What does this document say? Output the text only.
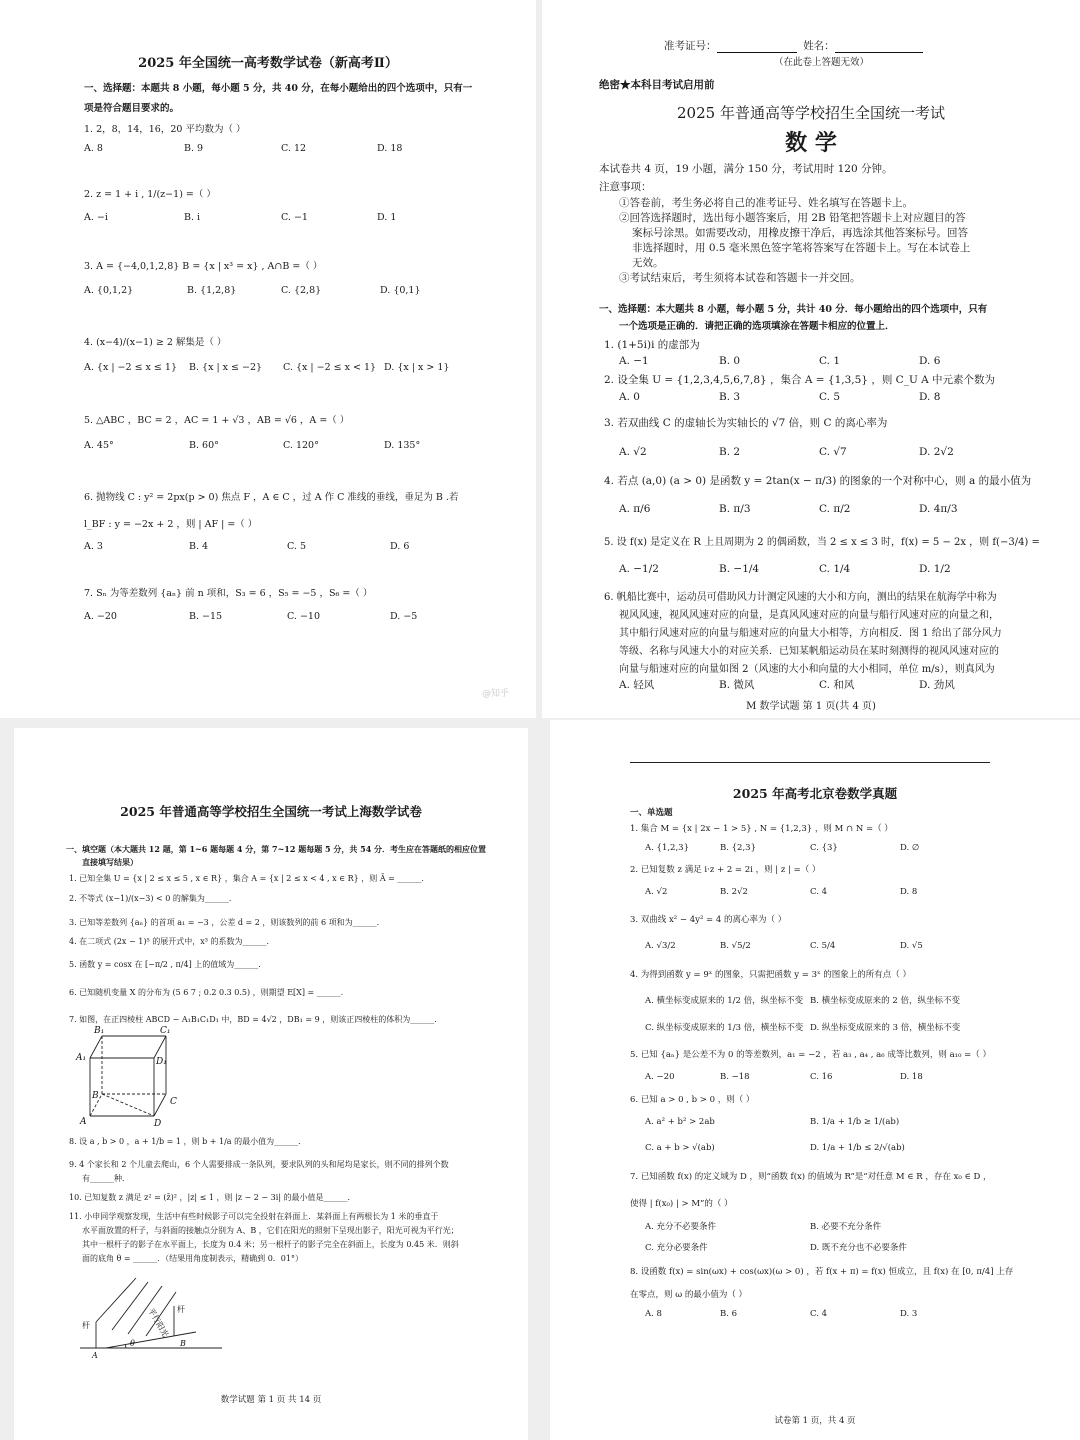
2025 年全国统一高考数学试卷（新高考Ⅱ）
一、选择题：本题共 8 小题，每小题 5 分，共 40 分，在每小题给出的四个选项中，只有一
项是符合题目要求的。
1. 2，8，14，16，20 平均数为（ ）
A. 8	B. 9	C. 12	D. 18
2. z = 1 + i , 1/(z−1) =（ ）
A. −i	B. i	C. −1	D. 1
3. A = {−4,0,1,2,8} B = {x | x³ = x} , A∩B =（ ）
A. {0,1,2}	B. {1,2,8}	C. {2,8}	D. {0,1}
4. (x−4)/(x−1) ≥ 2 解集是（ ）
A. {x | −2 ≤ x ≤ 1} B. {x | x ≤ −2} C. {x | −2 ≤ x < 1} D. {x | x > 1}
5. △ABC ，BC = 2 ，AC = 1 + √3 ，AB = √6 ，A =（ ）
A. 45°	B. 60°	C. 120°	D. 135°
6. 抛物线 C : y² = 2px(p > 0) 焦点 F ，A ∈ C ，过 A 作 C 准线的垂线，垂足为 B .若
l_BF : y = −2x + 2 ，则 | AF | =（ ）
A. 3	B. 4	C. 5	D. 6
7. Sₙ 为等差数列 {aₙ} 前 n 项和，S₃ = 6 ，S₅ = −5 ，S₆ =（ ）
A. −20	B. −15	C. −10	D. −5
@知乎
准考证号：	姓名：
（在此卷上答题无效）
绝密★本科目考试启用前
2025 年普通高等学校招生全国统一考试
数 学
本试卷共 4 页，19 小题，满分 150 分，考试用时 120 分钟。
注意事项：
①答卷前，考生务必将自己的准考证号、姓名填写在答题卡上。
②回答选择题时，选出每小题答案后，用 2B 铅笔把答题卡上对应题目的答
案标号涂黑。如需要改动，用橡皮擦干净后，再选涂其他答案标号。回答
非选择题时，用 0.5 毫米黑色签字笔将答案写在答题卡上。写在本试卷上
无效。
③考试结束后，考生须将本试卷和答题卡一并交回。
一、选择题：本大题共 8 小题，每小题 5 分，共计 40 分．每小题给出的四个选项中，只有
一个选项是正确的．请把正确的选项填涂在答题卡相应的位置上．
1. (1+5i)i 的虚部为
A. −1	B. 0	C. 1	D. 6
2. 设全集 U = {1,2,3,4,5,6,7,8} ，集合 A = {1,3,5} ，则 C_U A 中元素个数为
A. 0	B. 3	C. 5	D. 8
3. 若双曲线 C 的虚轴长为实轴长的 √7 倍，则 C 的离心率为
A. √2	B. 2	C. √7	D. 2√2
4. 若点 (a,0) (a > 0) 是函数 y = 2tan(x − π/3) 的图象的一个对称中心，则 a 的最小值为
A. π/6	B. π/3	C. π/2	D. 4π/3
5. 设 f(x) 是定义在 R 上且周期为 2 的偶函数，当 2 ≤ x ≤ 3 时，f(x) = 5 − 2x ，则 f(−3/4) =
A. −1/2	B. −1/4	C. 1/4	D. 1/2
6. 帆船比赛中，运动员可借助风力计测定风速的大小和方向，测出的结果在航海学中称为
视风风速，视风风速对应的向量，是真风风速对应的向量与船行风速对应的向量之和，
其中船行风速对应的向量与船速对应的向量大小相等，方向相反．图 1 给出了部分风力
等级、名称与风速大小的对应关系．已知某帆船运动员在某时刻测得的视风风速对应的
向量与船速对应的向量如图 2（风速的大小和向量的大小相同，单位 m/s），则真风为
A. 轻风	B. 微风	C. 和风	D. 劲风
M 数学试题 第 1 页(共 4 页)
2025 年普通高等学校招生全国统一考试上海数学试卷
一、填空题（本大题共 12 题，第 1~6 题每题 4 分，第 7~12 题每题 5 分，共 54 分．考生应在答题纸的相应位置
直接填写结果）
1. 已知全集 U = {x | 2 ≤ x ≤ 5 , x ∈ R} ，集合 A = {x | 2 ≤ x < 4 , x ∈ R} ，则 Ā = ______．
2. 不等式 (x−1)/(x−3) < 0 的解集为______．
3. 已知等差数列 {aₙ} 的首项 a₁ = −3 ，公差 d = 2 ，则该数列的前 6 项和为______．
4. 在二项式 (2x − 1)⁵ 的展开式中，x³ 的系数为______．
5. 函数 y = cosx 在 [−π/2 , π/4] 上的值域为______．
6. 已知随机变量 X 的分布为 (5 6 7 ; 0.2 0.3 0.5) ，则期望 E[X] = ______．
7. 如图，在正四棱柱 ABCD − A₁B₁C₁D₁ 中，BD = 4√2 ，DB₁ = 9 ，则该正四棱柱的体积为______．
B₁	C₁
A₁	D₁
B
C
A	D
8. 设 a , b > 0 ，a + 1/b = 1 ，则 b + 1/a 的最小值为______．
9. 4 个家长和 2 个儿童去爬山，6 个人需要排成一条队列，要求队列的头和尾均是家长，则不同的排列个数
有______种．
10. 已知复数 z 满足 z² = (z̄)² ，|z| ≤ 1 ，则 |z − 2 − 3i| 的最小值是______．
11. 小申同学观察发现，生活中有些时候影子可以完全投射在斜面上．某斜面上有两根长为 1 米的垂直于
水平面放置的杆子，与斜面的接触点分别为 A、B ，它们在阳光的照射下呈现出影子，阳光可视为平行光；
其中一根杆子的影子在水平面上，长度为 0.4 米；另一根杆子的影子完全在斜面上，长度为 0.45 米．则斜
面的底角 θ = ______．（结果用角度制表示，精确到 0．01°）
杆
杆
平行阳光
A
B
θ
数学试题 第 1 页 共 14 页
2025 年高考北京卷数学真题
一、单选题
1. 集合 M = {x | 2x − 1 > 5} , N = {1,2,3} ，则 M ∩ N =（ ）
A. {1,2,3}	B. {2,3}	C. {3}	D. ∅
2. 已知复数 z 满足 i·z + 2 = 2i ，则 | z | =（ ）
A. √2	B. 2√2	C. 4	D. 8
3. 双曲线 x² − 4y² = 4 的离心率为（ ）
A. √3/2	B. √5/2	C. 5/4	D. √5
4. 为得到函数 y = 9ˣ 的图象，只需把函数 y = 3ˣ 的图象上的所有点（ ）
A. 横坐标变成原来的 1/2 倍，纵坐标不变 B. 横坐标变成原来的 2 倍，纵坐标不变
C. 纵坐标变成原来的 1/3 倍，横坐标不变 D. 纵坐标变成原来的 3 倍，横坐标不变
5. 已知 {aₙ} 是公差不为 0 的等差数列，a₁ = −2 ，若 a₃ , a₄ , a₆ 成等比数列，则 a₁₀ =（ ）
A. −20	B. −18	C. 16	D. 18
6. 已知 a > 0 , b > 0 ，则（ ）
A. a² + b² > 2ab	B. 1/a + 1/b ≥ 1/(ab)
C. a + b > √(ab)	D. 1/a + 1/b ≤ 2/√(ab)
7. 已知函数 f(x) 的定义域为 D ，则“函数 f(x) 的值域为 R”是“对任意 M ∈ R ，存在 x₀ ∈ D ，
使得 | f(x₀) | > M”的（ ）
A. 充分不必要条件	B. 必要不充分条件
C. 充分必要条件	D. 既不充分也不必要条件
8. 设函数 f(x) = sin(ωx) + cos(ωx)(ω > 0) ，若 f(x + π) = f(x) 恒成立，且 f(x) 在 [0, π/4] 上存
在零点，则 ω 的最小值为（ ）
A. 8	B. 6	C. 4	D. 3
试卷第 1 页，共 4 页
